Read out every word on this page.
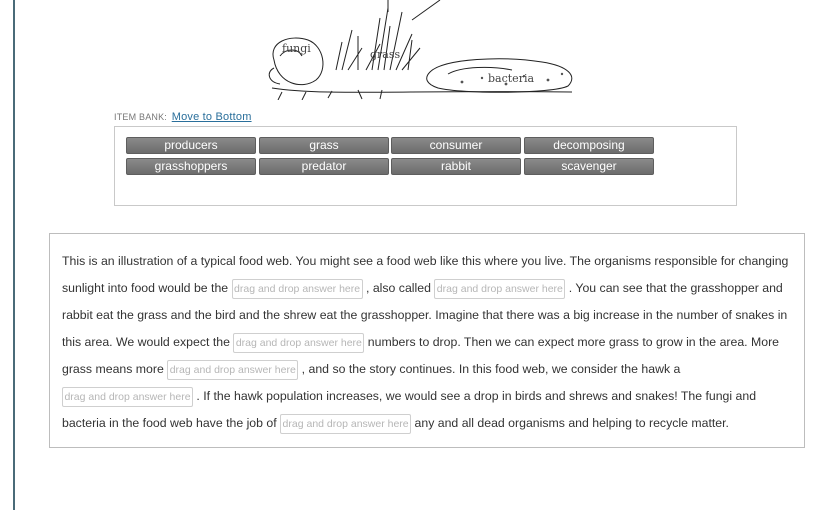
fungi	grass
bacteria
ITEM BANK: Move to Bottom
producers	grass	consumer	decomposing
grasshoppers	predator	rabbit	scavenger

This is an illustration of a typical food web. You might see a food web like this where you live. The organisms responsible for changing sunlight into food would be the drag and drop answer here , also called drag and drop answer here . You can see that the grasshopper and rabbit eat the grass and the bird and the shrew eat the grasshopper. Imagine that there was a big increase in the number of snakes in this area. We would expect the drag and drop answer here numbers to drop. Then we can expect more grass to grow in the area. More grass means more drag and drop answer here , and so the story continues. In this food web, we consider the hawk a drag and drop answer here . If the hawk population increases, we would see a drop in birds and shrews and snakes! The fungi and bacteria in the food web have the job of drag and drop answer here any and all dead organisms and helping to recycle matter.
